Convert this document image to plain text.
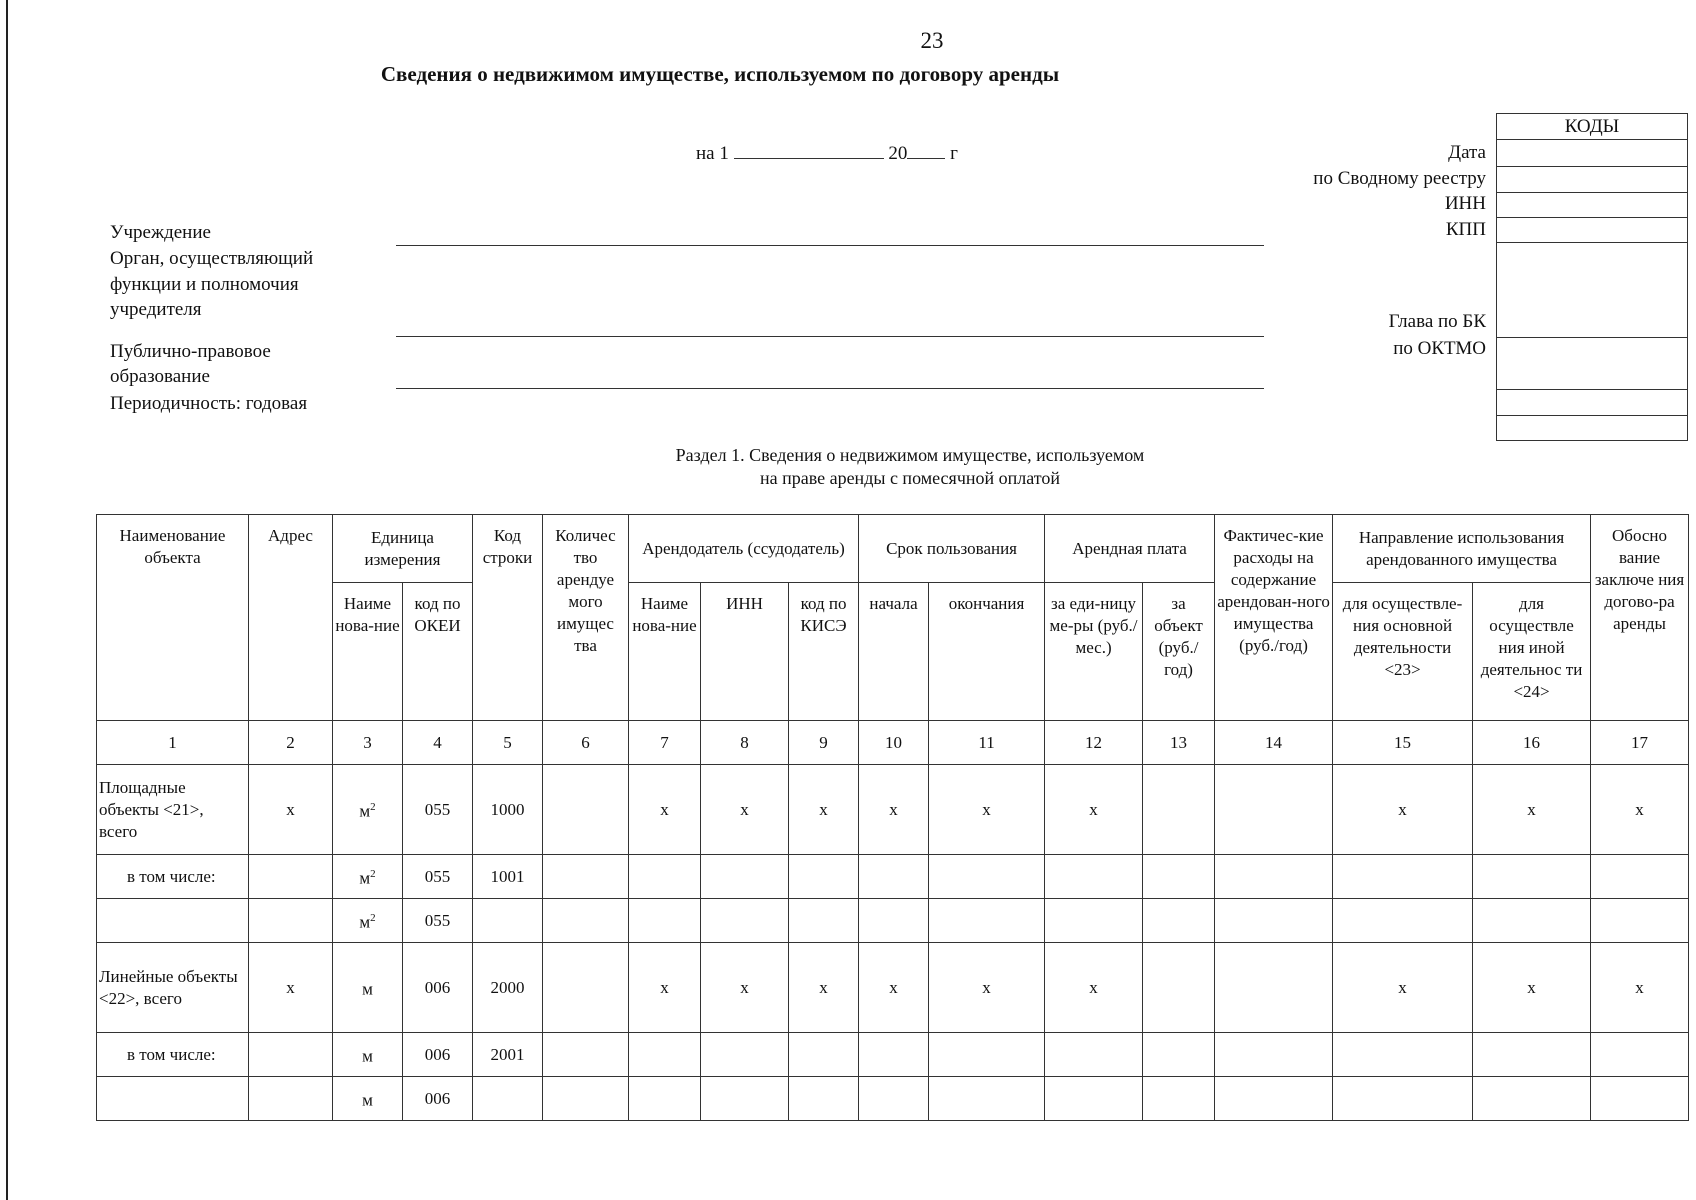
23
Сведения о недвижимом имуществе, используемом по договору аренды
на 1	20 г
Учреждение
Орган, осуществляющий
функции и полномочия
учредителя
Публично-правовое
образование
Периодичность: годовая
Дата
по Сводному реестру
ИНН
КПП
Глава по БК
по ОКТМО
КОДЫ
Раздел 1. Сведения о недвижимом имуществе, используемом
на праве аренды с помесячной оплатой
Наименование объекта	Адрес	Единица измерения		Код строки	Количес тво арендуе мого имущес тва	Арендодатель (ссудодатель)			Срок пользования		Арендная плата		Фактичес-кие расходы на содержание арендован-ного имущества (руб./год)	Направление использования арендованного имущества		Обосно вание заключе ния догово-ра аренды
		Наиме нова-ние	код по ОКЕИ			Наиме нова-ние	ИНН	код по КИСЭ	начала	окончания	за еди-ницу ме-ры (руб./ мес.)	за объект (руб./ год)		для осуществле-ния основной деятельности <23>	для осуществле ния иной деятельнос ти <24>	
1	2	3	4	5	6	7	8	9	10	11	12	13	14	15	16	17
Площадные объекты <21>, всего	x	$м^2$	055	1000		x	x	x	x	x	x			x	x	x
в том числе:		$м^2$	055	1001												
		$м^2$	055													
Линейные объекты <22>, всего	x	м	006	2000		x	x	x	x	x	x			x	x	x
в том числе:		м	006	2001												
		м	006													
